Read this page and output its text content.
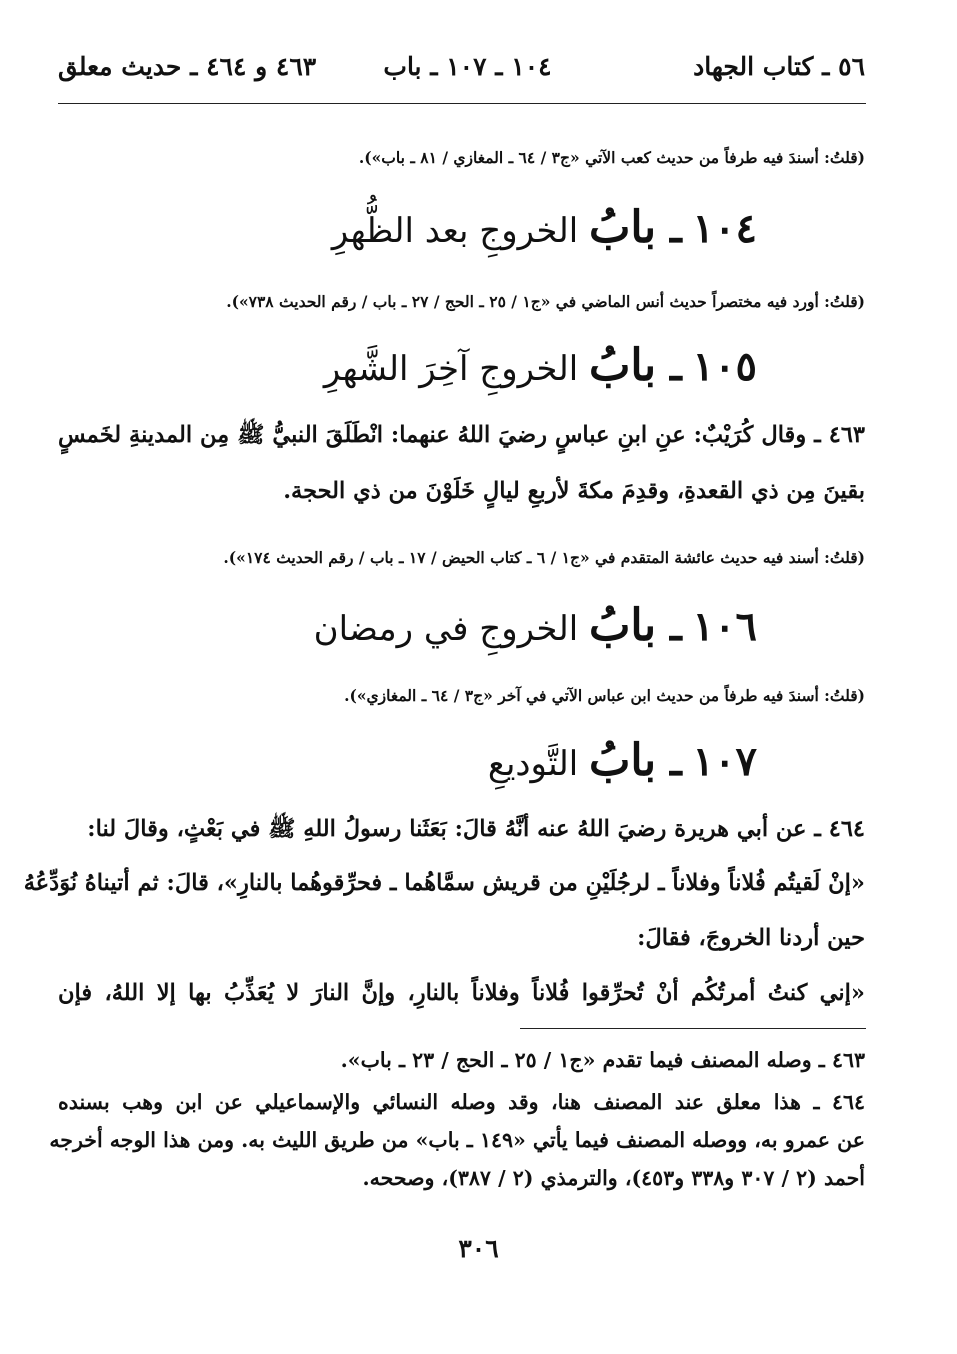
٥٦ ـ كتاب الجهاد
١٠٤ ـ ١٠٧ ـ باب
٤٦٣ و ٤٦٤ ـ حديث معلق
(قلتُ: أسندَ فيه طرفاً من حديث كعب الآتي «ج٣ / ٦٤ ـ المغازي / ٨١ ـ باب»).
١٠٤ ـ بابُ الخروجِ بعد الظُّهرِ
(قلتُ: أورد فيه مختصراً حديث أنس الماضي في «ج١ / ٢٥ ـ الحج / ٢٧ ـ باب / رقم الحديث ٧٣٨»).
١٠٥ ـ بابُ الخروجِ آخِرَ الشَّهرِ
٤٦٣ ـ وقال كُرَيْبٌ: عنِ ابنِ عباسٍ رضيَ اللهُ عنهما: انْطَلَقَ النبيُّ ﷺ مِن المدينةِ لخَمسٍ
بقينَ مِن ذي القعدةِ، وقدِمَ مكةَ لأربعِ ليالٍ خَلَوْنَ من ذي الحجة.
(قلتُ: أسند فيه حديث عائشة المتقدم في «ج١ / ٦ ـ كتاب الحيض / ١٧ ـ باب / رقم الحديث ١٧٤»).
١٠٦ ـ بابُ الخروجِ في رمضان
(قلتُ: أسندَ فيه طرفاً من حديث ابن عباس الآتي في آخر «ج٣ / ٦٤ ـ المغازي»).
١٠٧ ـ بابُ التَّوديعِ
٤٦٤ ـ عن أبي هريرة رضيَ اللهُ عنه أنَّهُ قالَ: بَعَثَنا رسولُ اللهِ ﷺ في بَعْثٍ، وقالَ لنا:
«إنْ لَقيتُم فُلاناً وفلاناً ـ لرجُلَيْنِ من قريش سمَّاهُما ـ فحرِّقوهُما بالنارِ»، قالَ: ثم أتيناهُ نُوَدِّعُهُ
حين أردنا الخروجَ، فقالَ:
«إني كنتُ أمرتُكُم أنْ تُحرِّقوا فُلاناً وفلاناً بالنارِ، وإنَّ النارَ لا يُعَذِّبُ بها إلا اللهُ، فإن
٤٦٣ ـ وصله المصنف فيما تقدم «ج١ / ٢٥ ـ الحج / ٢٣ ـ باب».
٤٦٤ ـ هذا معلق عند المصنف هنا، وقد وصله النسائي والإسماعيلي عن ابن وهب بسنده
عن عمرو به، ووصله المصنف فيما يأتي «١٤٩ ـ باب» من طريق الليث به. ومن هذا الوجه أخرجه
أحمد (٢ / ٣٠٧ و٣٣٨ و٤٥٣)، والترمذي (٢ / ٣٨٧)، وصححه.
٣٠٦
